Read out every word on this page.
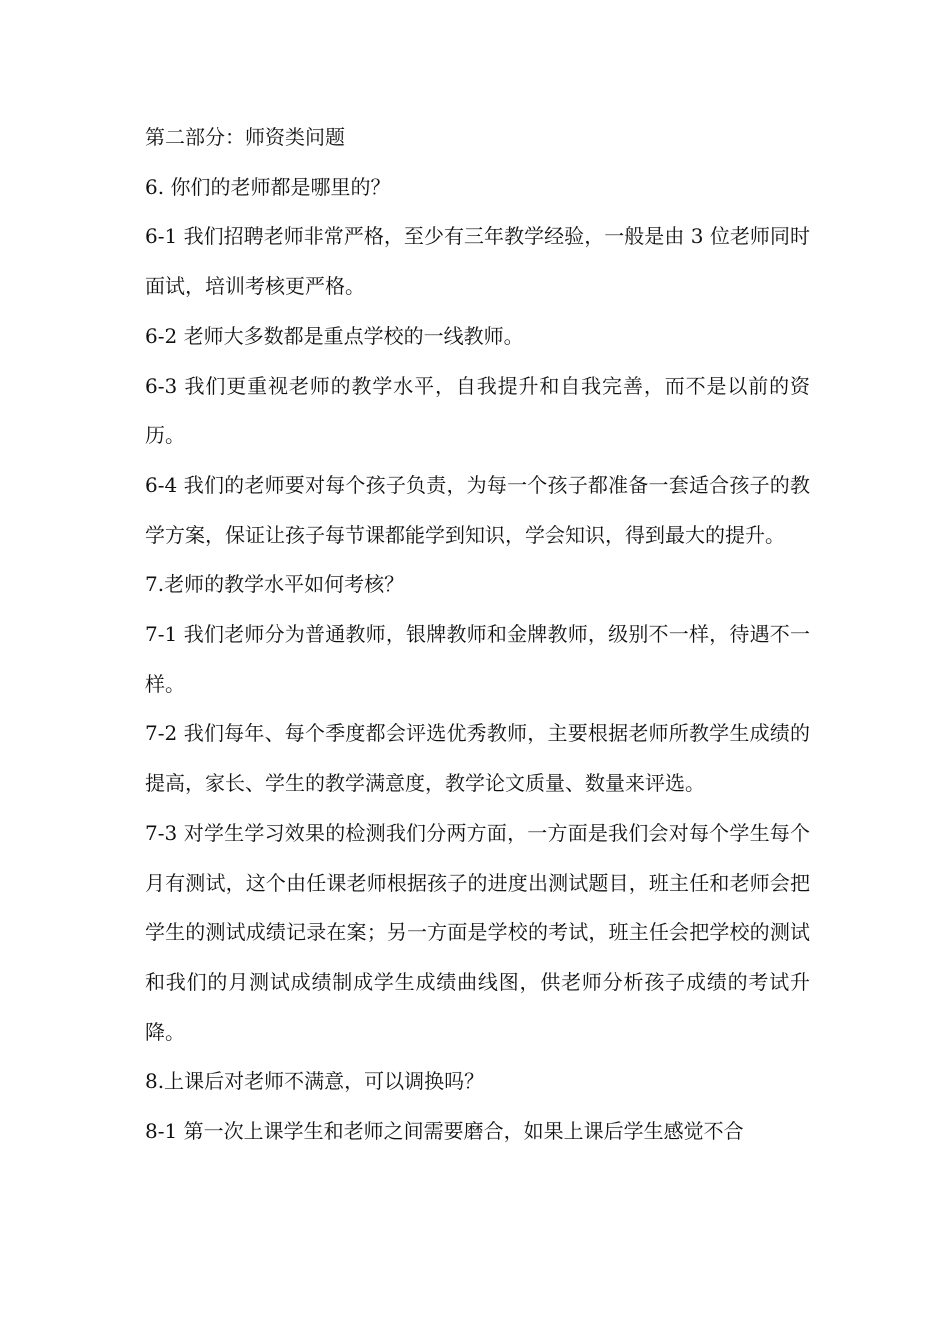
第二部分：师资类问题

6. 你们的老师都是哪里的？

6-1 我们招聘老师非常严格，至少有三年教学经验，一般是由 3 位老师同时面试，培训考核更严格。

6-2 老师大多数都是重点学校的一线教师。

6-3 我们更重视老师的教学水平，自我提升和自我完善，而不是以前的资历。

6-4 我们的老师要对每个孩子负责，为每一个孩子都准备一套适合孩子的教学方案，保证让孩子每节课都能学到知识，学会知识，得到最大的提升。

7.老师的教学水平如何考核？

7-1 我们老师分为普通教师，银牌教师和金牌教师，级别不一样，待遇不一样。

7-2 我们每年、每个季度都会评选优秀教师，主要根据老师所教学生成绩的提高，家长、学生的教学满意度，教学论文质量、数量来评选。

7-3 对学生学习效果的检测我们分两方面，一方面是我们会对每个学生每个月有测试，这个由任课老师根据孩子的进度出测试题目，班主任和老师会把学生的测试成绩记录在案；另一方面是学校的考试，班主任会把学校的测试和我们的月测试成绩制成学生成绩曲线图，供老师分析孩子成绩的考试升降。

8.上课后对老师不满意，可以调换吗？

8-1 第一次上课学生和老师之间需要磨合，如果上课后学生感觉不合
